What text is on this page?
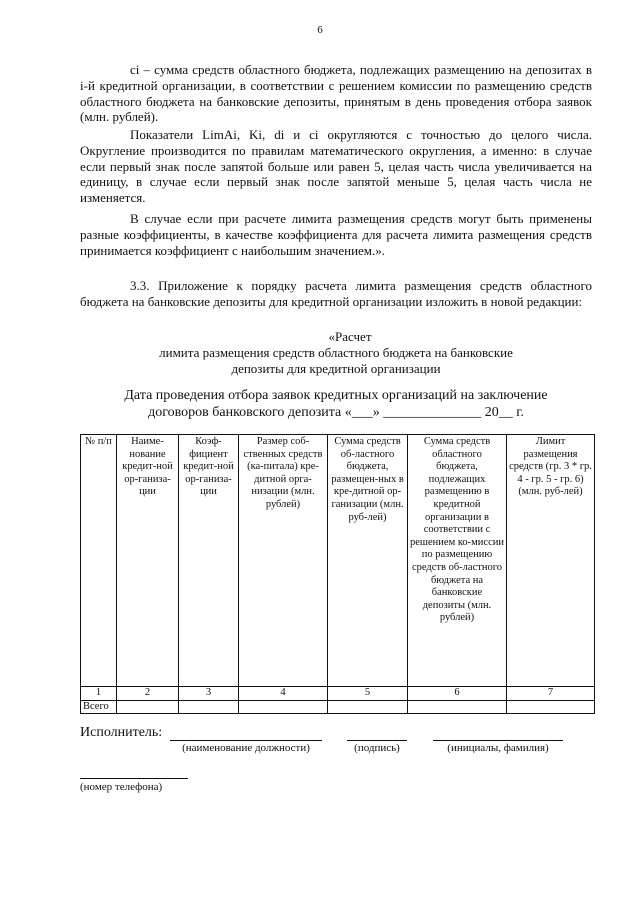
6

ci – сумма средств областного бюджета, подлежащих размещению на депозитах в i-й кредитной организации, в соответствии с решением комиссии по размещению средств областного бюджета на банковские депозиты, принятым в день проведения отбора заявок (млн. рублей).

Показатели LimAi, Ki, di и ci округляются с точностью до целого числа. Округление производится по правилам математического округления, а именно: в случае если первый знак после запятой больше или равен 5, целая часть числа увеличивается на единицу, в случае если первый знак после запятой меньше 5, целая часть числа не изменяется.

В случае если при расчете лимита размещения средств могут быть применены разные коэффициенты, в качестве коэффициента для расчета лимита размещения средств принимается коэффициент с наибольшим значением.».

3.3. Приложение к порядку расчета лимита размещения средств областного бюджета на банковские депозиты для кредитной организации изложить в новой редакции:

«Расчет

лимита размещения средств областного бюджета на банковские

депозиты для кредитной организации

Дата проведения отбора заявок кредитных организаций на заключение

договоров банковского депозита «___» ______________ 20__ г.

№ п/п	Наиме-нование кредит-ной ор-ганиза-ции	Коэф-фициент кредит-ной ор-ганиза-ции	Размер соб-ственных средств (ка-питала) кре-дитной орга-низации (млн. рублей)	Сумма средств об-ластного бюджета, размещен-ных в кре-дитной ор-ганизации (млн. руб-лей)	Сумма средств областного бюджета, подлежащих размещению в кредитной организации в соответствии с решением ко-миссии по размещению средств об-ластного бюджета на банковские депозиты (млн. рублей)	Лимит размещения средств (гр. 3 * гр. 4 - гр. 5 - гр. 6) (млн. руб-лей)
1	2	3	4	5	6	7
Всего						
Исполнитель:
(наименование должности)	(подпись)	(инициалы, фамилия)
(номер телефона)
